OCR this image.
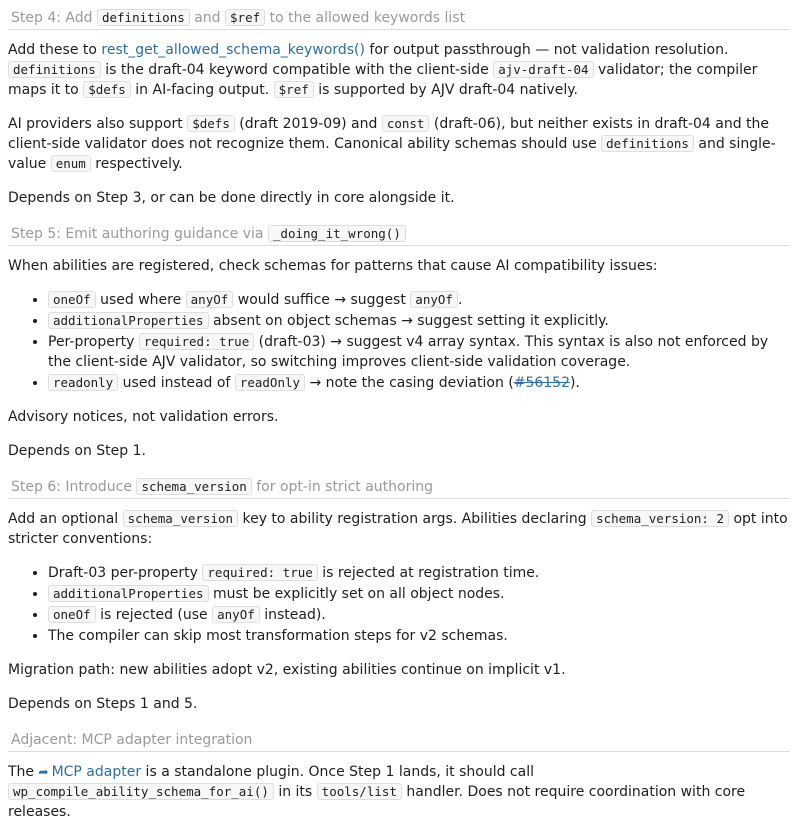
Step 4: Add definitions and $ref to the allowed keywords list

Add these to rest_get_allowed_schema_keywords() for output passthrough — not validation resolution. definitions is the draft-04 keyword compatible with the client-side ajv-draft-04 validator; the compiler maps it to $defs in AI-facing output. $ref is supported by AJV draft-04 natively.

AI providers also support $defs (draft 2019-09) and const (draft-06), but neither exists in draft-04 and the client-side validator does not recognize them. Canonical ability schemas should use definitions and single-value enum respectively.

Depends on Step 3, or can be done directly in core alongside it.

Step 5: Emit authoring guidance via _doing_it_wrong()

When abilities are registered, check schemas for patterns that cause AI compatibility issues:

• oneOf used where anyOf would suffice → suggest anyOf .
• additionalProperties absent on object schemas → suggest setting it explicitly.
• Per-property required: true (draft-03) → suggest v4 array syntax. This syntax is also not enforced by the client-side AJV validator, so switching improves client-side validation coverage.
• readonly used instead of readOnly → note the casing deviation (#56152).

Advisory notices, not validation errors.

Depends on Step 1.

Step 6: Introduce schema_version for opt-in strict authoring

Add an optional schema_version key to ability registration args. Abilities declaring schema_version: 2 opt into stricter conventions:

• Draft-03 per-property required: true is rejected at registration time.
• additionalProperties must be explicitly set on all object nodes.
• oneOf is rejected (use anyOf instead).
• The compiler can skip most transformation steps for v2 schemas.

Migration path: new abilities adopt v2, existing abilities continue on implicit v1.

Depends on Steps 1 and 5.

Adjacent: MCP adapter integration

The ➦ MCP adapter is a standalone plugin. Once Step 1 lands, it should call wp_compile_ability_schema_for_ai() in its tools/list handler. Does not require coordination with core releases.
